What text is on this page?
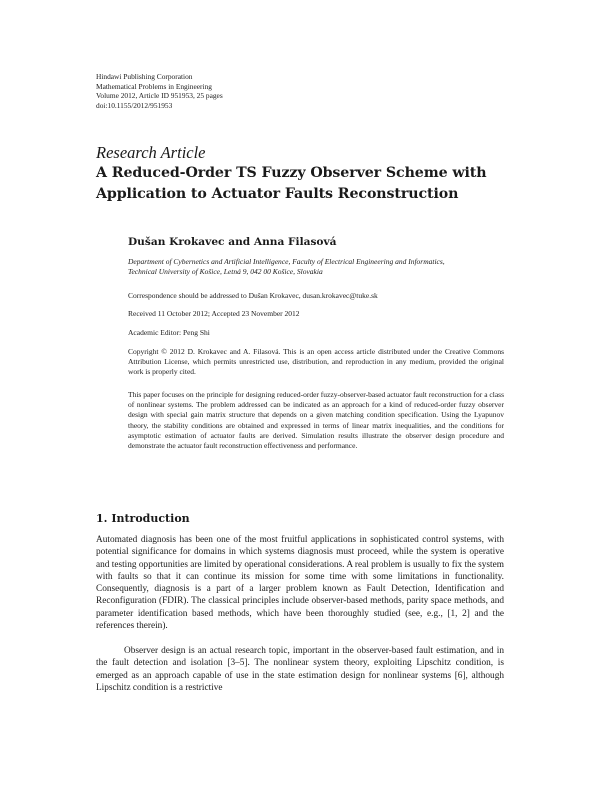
Hindawi Publishing Corporation
Mathematical Problems in Engineering
Volume 2012, Article ID 951953, 25 pages
doi:10.1155/2012/951953
Research Article
A Reduced-Order TS Fuzzy Observer Scheme with
Application to Actuator Faults Reconstruction
Dušan Krokavec and Anna Filasová
Department of Cybernetics and Artificial Intelligence, Faculty of Electrical Engineering and Informatics,
Technical University of Košice, Letná 9, 042 00 Košice, Slovakia
Correspondence should be addressed to Dušan Krokavec, dusan.krokavec@tuke.sk
Received 11 October 2012; Accepted 23 November 2012
Academic Editor: Peng Shi
Copyright © 2012 D. Krokavec and A. Filasová. This is an open access article distributed under the Creative Commons Attribution License, which permits unrestricted use, distribution, and reproduction in any medium, provided the original work is properly cited.
This paper focuses on the principle for designing reduced-order fuzzy-observer-based actuator fault reconstruction for a class of nonlinear systems. The problem addressed can be indicated as an approach for a kind of reduced-order fuzzy observer design with special gain matrix structure that depends on a given matching condition specification. Using the Lyapunov theory, the stability conditions are obtained and expressed in terms of linear matrix inequalities, and the conditions for asymptotic estimation of actuator faults are derived. Simulation results illustrate the observer design procedure and demonstrate the actuator fault reconstruction effectiveness and performance.
1. Introduction

Automated diagnosis has been one of the most fruitful applications in sophisticated control systems, with potential significance for domains in which systems diagnosis must proceed, while the system is operative and testing opportunities are limited by operational considerations. A real problem is usually to fix the system with faults so that it can continue its mission for some time with some limitations in functionality. Consequently, diagnosis is a part of a larger problem known as Fault Detection, Identification and Reconfiguration (FDIR). The classical principles include observer-based methods, parity space methods, and parameter identification based methods, which have been thoroughly studied (see, e.g., [1, 2] and the references therein).

Observer design is an actual research topic, important in the observer-based fault estimation, and in the fault detection and isolation [3–5]. The nonlinear system theory, exploiting Lipschitz condition, is emerged as an approach capable of use in the state estimation design for nonlinear systems [6], although Lipschitz condition is a restrictive
